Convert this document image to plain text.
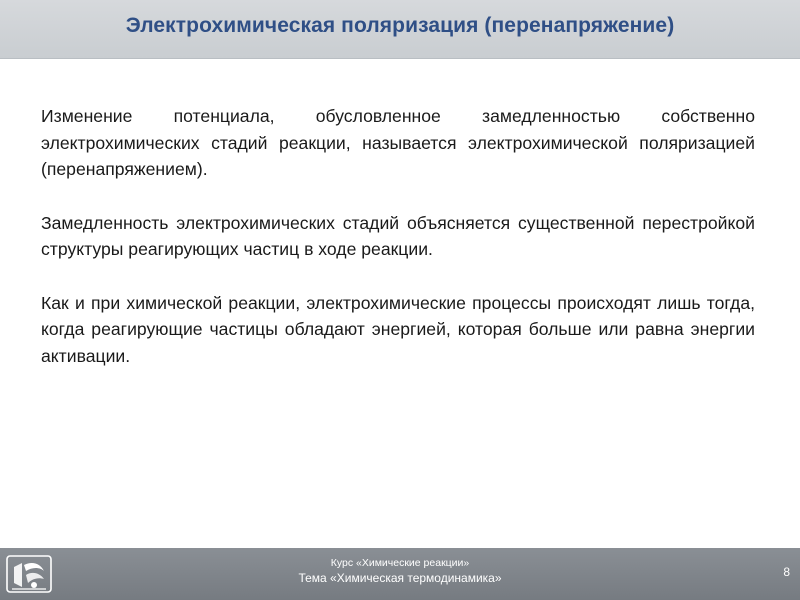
Электрохимическая поляризация (перенапряжение)

Изменение потенциала, обусловленное замедленностью собственно электрохимических стадий реакции, называется электрохимической поляризацией (перенапряжением).

Замедленность электрохимических стадий объясняется существенной перестройкой структуры реагирующих частиц в ходе реакции.

Как и при химической реакции, электрохимические процессы происходят лишь тогда, когда реагирующие частицы обладают энергией, которая больше или равна энергии активации.

Курс «Химические реакции»
Тема «Химическая термодинамика»	8
